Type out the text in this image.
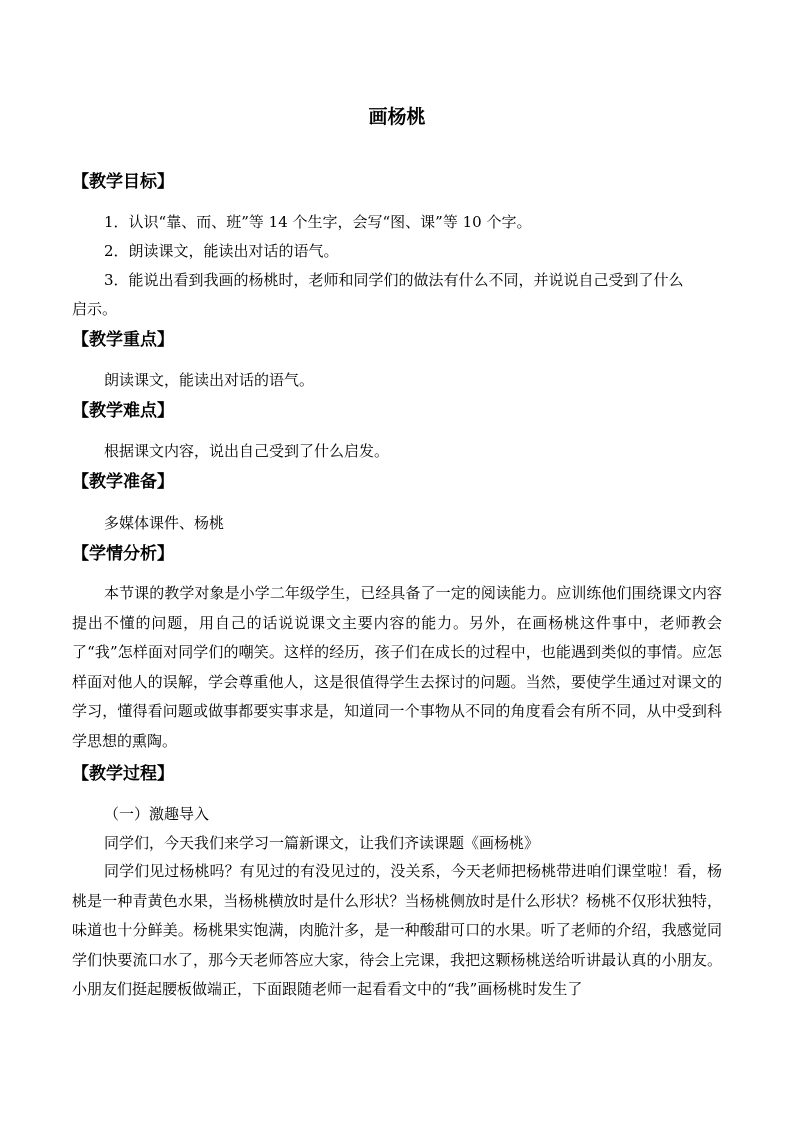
画杨桃
【教学目标】
1．认识“靠、而、班”等 14 个生字，会写“图、课”等 10 个字。
2．朗读课文，能读出对话的语气。
3．能说出看到我画的杨桃时，老师和同学们的做法有什么不同，并说说自己受到了什么
启示。
【教学重点】
朗读课文，能读出对话的语气。
【教学难点】
根据课文内容，说出自己受到了什么启发。
【教学准备】
多媒体课件、杨桃
【学情分析】

本节课的教学对象是小学二年级学生，已经具备了一定的阅读能力。应训练他们围绕课文内容提出不懂的问题，用自己的话说说课文主要内容的能力。另外，在画杨桃这件事中，老师教会了“我”怎样面对同学们的嘲笑。这样的经历，孩子们在成长的过程中，也能遇到类似的事情。应怎样面对他人的误解，学会尊重他人，这是很值得学生去探讨的问题。当然，要使学生通过对课文的学习，懂得看问题或做事都要实事求是，知道同一个事物从不同的角度看会有所不同，从中受到科学思想的熏陶。

【教学过程】
（一）激趣导入
同学们，今天我们来学习一篇新课文，让我们齐读课题《画杨桃》

同学们见过杨桃吗？有见过的有没见过的，没关系，今天老师把杨桃带进咱们课堂啦！看，杨桃是一种青黄色水果，当杨桃横放时是什么形状？当杨桃侧放时是什么形状？杨桃不仅形状独特，味道也十分鲜美。杨桃果实饱满，肉脆汁多，是一种酸甜可口的水果。听了老师的介绍，我感觉同学们快要流口水了，那今天老师答应大家，待会上完课，我把这颗杨桃送给听讲最认真的小朋友。小朋友们挺起腰板做端正，下面跟随老师一起看看文中的“我”画杨桃时发生了
